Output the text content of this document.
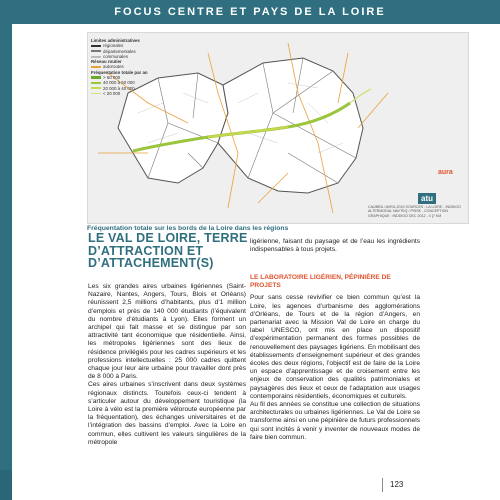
FOCUS CENTRE ET PAYS DE LA LOIRE
Limites administratives
régionales
départementales
communales
Réseau routier
autoroutes
Fréquentation totale par an
> 60 000
40 000 à 60 000
20 000 à 40 000
< 20 000
aura
atu
CAUBRA / AVRIL 2015 SOURCES : LA LOIRE - INDDIGO ALTERMODAL NAVTEQ / PISSE , CONCEPTION GRAPHIQUE : INDDIGO DEC 2012 - 0 (7 KM
Fréquentation totale sur les bords de la Loire dans les régions
LE VAL DE LOIRE, TERRE D’ATTRACTION ET D’ATTACHEMENT(S)

Les six grandes aires urbaines ligériennes (Saint-Nazaire, Nantes, Angers, Tours, Blois et Orléans) réunissent 2,5 millions d’habitants, plus d’1 million d’emplois et près de 140 000 étudiants (l’équivalent du nombre d’étudiants à Lyon). Elles forment un archipel qui fait masse et se distingue par son attractivité tant économique que résidentielle. Ainsi, les métropoles ligériennes sont des lieux de résidence privilégiés pour les cadres supérieurs et les professions intellectuelles : 25 000 cadres quittent chaque jour leur aire urbaine pour travailler dont près de 8 000 à Paris.

Ces aires urbaines s’inscrivent dans deux systèmes régionaux distincts. Toutefois ceux-ci tendent à s’articuler autour du développement touristique (la Loire à vélo est la première véloroute européenne par la fréquentation), des échanges universitaires et de l’intégration des bassins d’emploi. Avec la Loire en commun, elles cultivent les valeurs singulières de la métropole

ligérienne, faisant du paysage et de l’eau les ingrédients indispensables à tous projets.

LE LABORATOIRE LIGÉRIEN, PÉPINIÈRE DE PROJETS

Pour sans cesse revivifier ce bien commun qu’est la Loire, les agences d’urbanisme des agglomérations d’Orléans, de Tours et de la région d’Angers, en partenariat avec la Mission Val de Loire en charge du label UNESCO, ont mis en place un dispositif d’expérimentation permanent des formes possibles de renouvellement des paysages ligériens. En mobilisant des établissements d’enseignement supérieur et des grandes écoles des deux régions, l’objectif est de faire de la Loire un espace d’apprentissage et de croisement entre les enjeux de conservation des qualités patrimoniales et paysagères des lieux et ceux de l’adaptation aux usages contemporains résidentiels, économiques et culturels.

Au fil des années se constitue une collection de situations architecturales ou urbaines ligériennes. Le Val de Loire se transforme ainsi en une pépinière de futurs professionnels qui sont incités à venir y inventer de nouveaux modes de faire bien commun.

123
